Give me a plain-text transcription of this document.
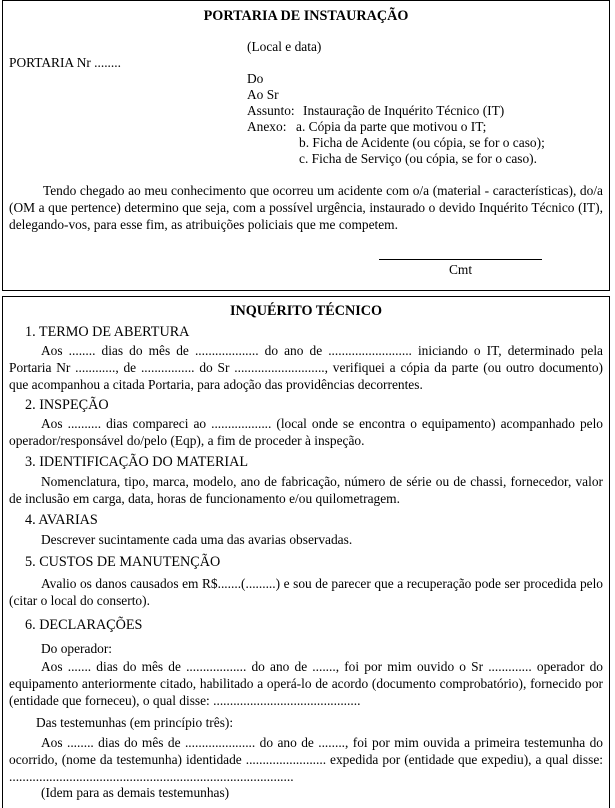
PORTARIA DE INSTAURAÇÃO
(Local e data)
PORTARIA Nr ........
Do
Ao Sr
Assunto: Instauração de Inquérito Técnico (IT)
Anexo: a. Cópia da parte que motivou o IT;
b. Ficha de Acidente (ou cópia, se for o caso);
c. Ficha de Serviço (ou cópia, se for o caso).
Tendo chegado ao meu conhecimento que ocorreu um acidente com o/a (material - características), do/a (OM a que pertence) determino que seja, com a possível urgência, instaurado o devido Inquérito Técnico (IT), delegando-vos, para esse fim, as atribuições policiais que me competem.
Cmt
INQUÉRITO TÉCNICO
1. TERMO DE ABERTURA
Aos ........ dias do mês de ................... do ano de ......................... iniciando o IT, determinado pela Portaria Nr ............, de ................ do Sr ..........................., verifiquei a cópia da parte (ou outro documento) que acompanhou a citada Portaria, para adoção das providências decorrentes.
2. INSPEÇÃO
Aos .......... dias compareci ao .................. (local onde se encontra o equipamento) acompanhado pelo operador/responsável do/pelo (Eqp), a fim de proceder à inspeção.
3. IDENTIFICAÇÃO DO MATERIAL
Nomenclatura, tipo, marca, modelo, ano de fabricação, número de série ou de chassi, fornecedor, valor de inclusão em carga, data, horas de funcionamento e/ou quilometragem.
4. AVARIAS
Descrever sucintamente cada uma das avarias observadas.
5. CUSTOS DE MANUTENÇÃO
Avalio os danos causados em R$.......(.........) e sou de parecer que a recuperação pode ser procedida pelo (citar o local do conserto).
6. DECLARAÇÕES
Do operador:
Aos ....... dias do mês de .................. do ano de ......., foi por mim ouvido o Sr ............. operador do equipamento anteriormente citado, habilitado a operá-lo de acordo (documento comprobatório), fornecido por (entidade que forneceu), o qual disse: ............................................
Das testemunhas (em princípio três):
Aos ........ dias do mês de ..................... do ano de ........, foi por mim ouvida a primeira testemunha do ocorrido, (nome da testemunha) identidade ........................ expedida por (entidade que expediu), a qual disse: .....................................................................................
(Idem para as demais testemunhas)
